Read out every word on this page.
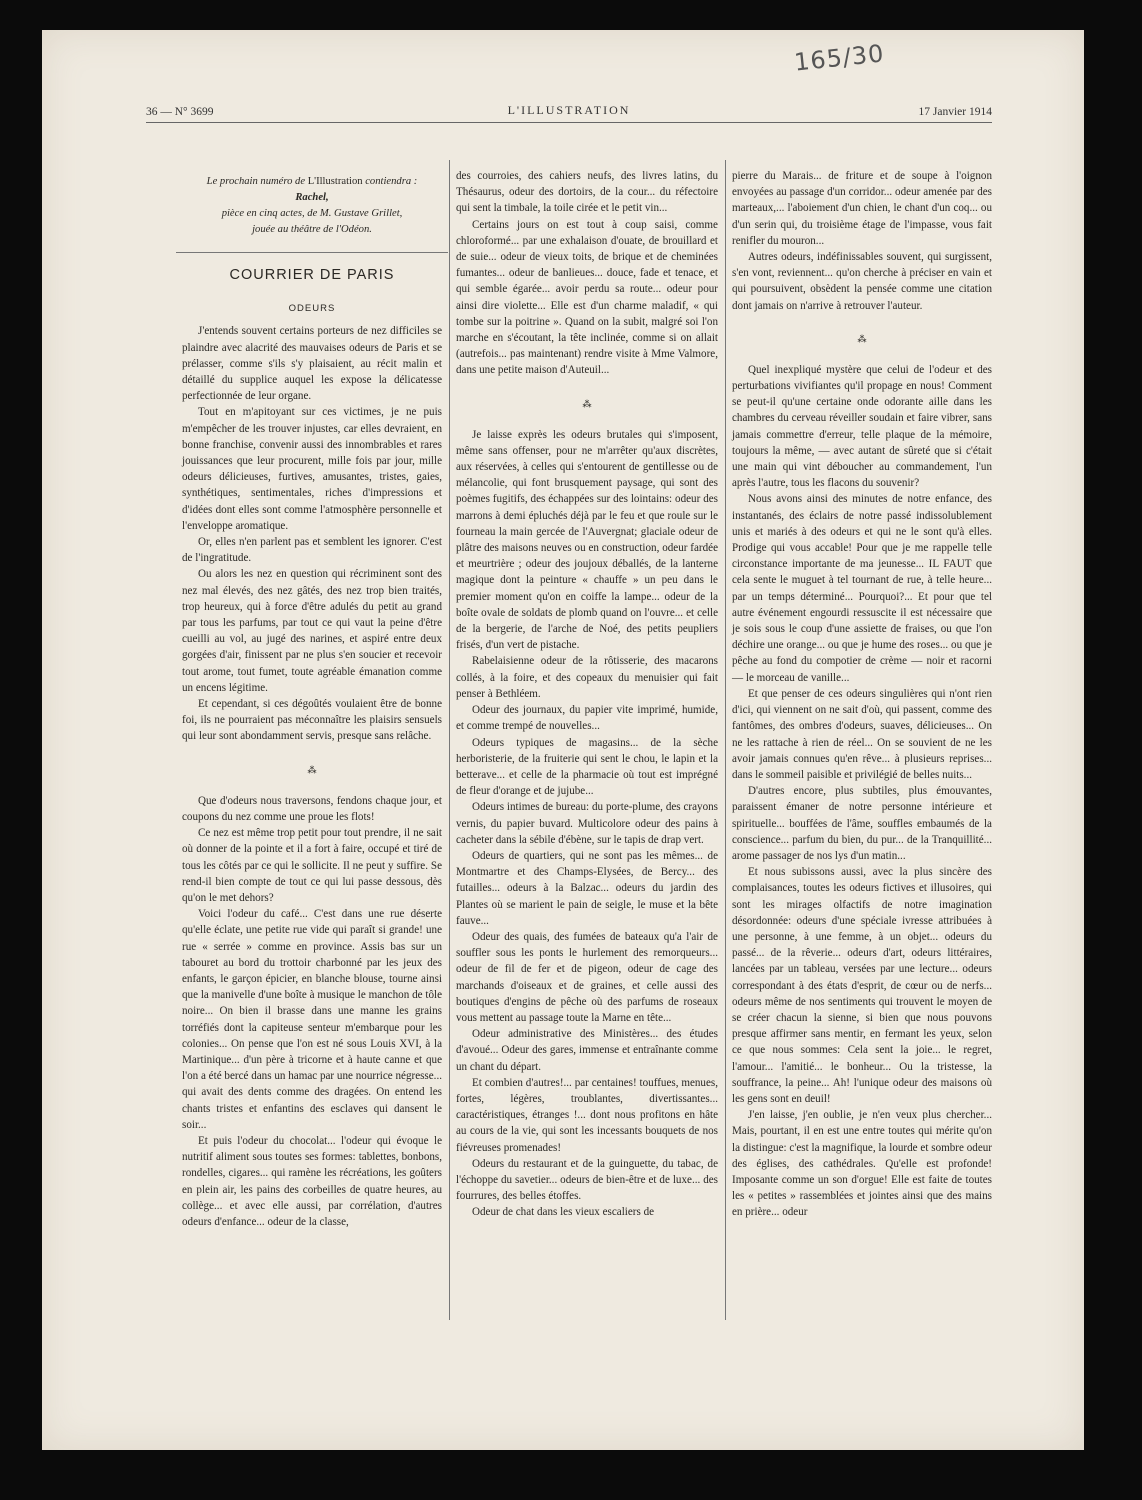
165/30
36 — N° 3699	L'ILLUSTRATION	17 Janvier 1914
Le prochain numéro de L'Illustration contiendra :
Rachel,
pièce en cinq actes, de M. Gustave Grillet,
jouée au théâtre de l'Odéon.
COURRIER DE PARIS
ODEURS

J'entends souvent certains porteurs de nez difficiles se plaindre avec alacrité des mauvaises odeurs de Paris et se prélasser, comme s'ils s'y plaisaient, au récit malin et détaillé du supplice auquel les expose la délicatesse perfectionnée de leur organe.

Tout en m'apitoyant sur ces victimes, je ne puis m'empêcher de les trouver injustes, car elles devraient, en bonne franchise, convenir aussi des innombrables et rares jouissances que leur procurent, mille fois par jour, mille odeurs délicieuses, furtives, amusantes, tristes, gaies, synthétiques, sentimentales, riches d'impressions et d'idées dont elles sont comme l'atmosphère personnelle et l'enveloppe aromatique.

Or, elles n'en parlent pas et semblent les ignorer. C'est de l'ingratitude.

Ou alors les nez en question qui récriminent sont des nez mal élevés, des nez gâtés, des nez trop bien traités, trop heureux, qui à force d'être adulés du petit au grand par tous les parfums, par tout ce qui vaut la peine d'être cueilli au vol, au jugé des narines, et aspiré entre deux gorgées d'air, finissent par ne plus s'en soucier et recevoir tout arome, tout fumet, toute agréable émanation comme un encens légitime.

Et cependant, si ces dégoûtés voulaient être de bonne foi, ils ne pourraient pas méconnaître les plaisirs sensuels qui leur sont abondamment servis, presque sans relâche.

⁂

Que d'odeurs nous traversons, fendons chaque jour, et coupons du nez comme une proue les flots!

Ce nez est même trop petit pour tout prendre, il ne sait où donner de la pointe et il a fort à faire, occupé et tiré de tous les côtés par ce qui le sollicite. Il ne peut y suffire. Se rend-il bien compte de tout ce qui lui passe dessous, dès qu'on le met dehors?

Voici l'odeur du café... C'est dans une rue déserte qu'elle éclate, une petite rue vide qui paraît si grande! une rue « serrée » comme en province. Assis bas sur un tabouret au bord du trottoir charbonné par les jeux des enfants, le garçon épicier, en blanche blouse, tourne ainsi que la manivelle d'une boîte à musique le manchon de tôle noire... On bien il brasse dans une manne les grains torréfiés dont la capiteuse senteur m'embarque pour les colonies... On pense que l'on est né sous Louis XVI, à la Martinique... d'un père à tricorne et à haute canne et que l'on a été bercé dans un hamac par une nourrice négresse... qui avait des dents comme des dragées. On entend les chants tristes et enfantins des esclaves qui dansent le soir...

Et puis l'odeur du chocolat... l'odeur qui évoque le nutritif aliment sous toutes ses formes: tablettes, bonbons, rondelles, cigares... qui ramène les récréations, les goûters en plein air, les pains des corbeilles de quatre heures, au collège... et avec elle aussi, par corrélation, d'autres odeurs d'enfance... odeur de la classe,

des courroies, des cahiers neufs, des livres latins, du Thésaurus, odeur des dortoirs, de la cour... du réfectoire qui sent la timbale, la toile cirée et le petit vin...

Certains jours on est tout à coup saisi, comme chloroformé... par une exhalaison d'ouate, de brouillard et de suie... odeur de vieux toits, de brique et de cheminées fumantes... odeur de banlieues... douce, fade et tenace, et qui semble égarée... avoir perdu sa route... odeur pour ainsi dire violette... Elle est d'un charme maladif, « qui tombe sur la poitrine ». Quand on la subit, malgré soi l'on marche en s'écoutant, la tête inclinée, comme si on allait (autrefois... pas maintenant) rendre visite à Mme Valmore, dans une petite maison d'Auteuil...

⁂

Je laisse exprès les odeurs brutales qui s'imposent, même sans offenser, pour ne m'arrêter qu'aux discrètes, aux réservées, à celles qui s'entourent de gentillesse ou de mélancolie, qui font brusquement paysage, qui sont des poèmes fugitifs, des échappées sur des lointains: odeur des marrons à demi épluchés déjà par le feu et que roule sur le fourneau la main gercée de l'Auvergnat; glaciale odeur de plâtre des maisons neuves ou en construction, odeur fardée et meurtrière ; odeur des joujoux déballés, de la lanterne magique dont la peinture « chauffe » un peu dans le premier moment qu'on en coiffe la lampe... odeur de la boîte ovale de soldats de plomb quand on l'ouvre... et celle de la bergerie, de l'arche de Noé, des petits peupliers frisés, d'un vert de pistache.

Rabelaisienne odeur de la rôtisserie, des macarons collés, à la foire, et des copeaux du menuisier qui fait penser à Bethléem.

Odeur des journaux, du papier vite imprimé, humide, et comme trempé de nouvelles...

Odeurs typiques de magasins... de la sèche herboristerie, de la fruiterie qui sent le chou, le lapin et la betterave... et celle de la pharmacie où tout est imprégné de fleur d'orange et de jujube...

Odeurs intimes de bureau: du porte-plume, des crayons vernis, du papier buvard. Multicolore odeur des pains à cacheter dans la sébile d'ébène, sur le tapis de drap vert.

Odeurs de quartiers, qui ne sont pas les mêmes... de Montmartre et des Champs-Elysées, de Bercy... des futailles... odeurs à la Balzac... odeurs du jardin des Plantes où se marient le pain de seigle, le muse et la bête fauve...

Odeur des quais, des fumées de bateaux qu'a l'air de souffler sous les ponts le hurlement des remorqueurs... odeur de fil de fer et de pigeon, odeur de cage des marchands d'oiseaux et de graines, et celle aussi des boutiques d'engins de pêche où des parfums de roseaux vous mettent au passage toute la Marne en tête...

Odeur administrative des Ministères... des études d'avoué... Odeur des gares, immense et entraînante comme un chant du départ.

Et combien d'autres!... par centaines! touffues, menues, fortes, légères, troublantes, divertissantes... caractéristiques, étranges !... dont nous profitons en hâte au cours de la vie, qui sont les incessants bouquets de nos fiévreuses promenades!

Odeurs du restaurant et de la guinguette, du tabac, de l'échoppe du savetier... odeurs de bien-être et de luxe... des fourrures, des belles étoffes.

Odeur de chat dans les vieux escaliers de

pierre du Marais... de friture et de soupe à l'oignon envoyées au passage d'un corridor... odeur amenée par des marteaux,... l'aboiement d'un chien, le chant d'un coq... ou d'un serin qui, du troisième étage de l'impasse, vous fait renifler du mouron...

Autres odeurs, indéfinissables souvent, qui surgissent, s'en vont, reviennent... qu'on cherche à préciser en vain et qui poursuivent, obsèdent la pensée comme une citation dont jamais on n'arrive à retrouver l'auteur.

⁂

Quel inexpliqué mystère que celui de l'odeur et des perturbations vivifiantes qu'il propage en nous! Comment se peut-il qu'une certaine onde odorante aille dans les chambres du cerveau réveiller soudain et faire vibrer, sans jamais commettre d'erreur, telle plaque de la mémoire, toujours la même, — avec autant de sûreté que si c'était une main qui vint déboucher au commandement, l'un après l'autre, tous les flacons du souvenir?

Nous avons ainsi des minutes de notre enfance, des instantanés, des éclairs de notre passé indissolublement unis et mariés à des odeurs et qui ne le sont qu'à elles. Prodige qui vous accable! Pour que je me rappelle telle circonstance importante de ma jeunesse... IL FAUT que cela sente le muguet à tel tournant de rue, à telle heure... par un temps déterminé... Pourquoi?... Et pour que tel autre événement engourdi ressuscite il est nécessaire que je sois sous le coup d'une assiette de fraises, ou que l'on déchire une orange... ou que je hume des roses... ou que je pêche au fond du compotier de crème — noir et racorni — le morceau de vanille...

Et que penser de ces odeurs singulières qui n'ont rien d'ici, qui viennent on ne sait d'où, qui passent, comme des fantômes, des ombres d'odeurs, suaves, délicieuses... On ne les rattache à rien de réel... On se souvient de ne les avoir jamais connues qu'en rêve... à plusieurs reprises... dans le sommeil paisible et privilégié de belles nuits...

D'autres encore, plus subtiles, plus émouvantes, paraissent émaner de notre personne intérieure et spirituelle... bouffées de l'âme, souffles embaumés de la conscience... parfum du bien, du pur... de la Tranquillité... arome passager de nos lys d'un matin...

Et nous subissons aussi, avec la plus sincère des complaisances, toutes les odeurs fictives et illusoires, qui sont les mirages olfactifs de notre imagination désordonnée: odeurs d'une spéciale ivresse attribuées à une personne, à une femme, à un objet... odeurs du passé... de la rêverie... odeurs d'art, odeurs littéraires, lancées par un tableau, versées par une lecture... odeurs correspondant à des états d'esprit, de cœur ou de nerfs... odeurs même de nos sentiments qui trouvent le moyen de se créer chacun la sienne, si bien que nous pouvons presque affirmer sans mentir, en fermant les yeux, selon ce que nous sommes: Cela sent la joie... le regret, l'amour... l'amitié... le bonheur... Ou la tristesse, la souffrance, la peine... Ah! l'unique odeur des maisons où les gens sont en deuil!

J'en laisse, j'en oublie, je n'en veux plus chercher... Mais, pourtant, il en est une entre toutes qui mérite qu'on la distingue: c'est la magnifique, la lourde et sombre odeur des églises, des cathédrales. Qu'elle est profonde! Imposante comme un son d'orgue! Elle est faite de toutes les « petites » rassemblées et jointes ainsi que des mains en prière... odeur
